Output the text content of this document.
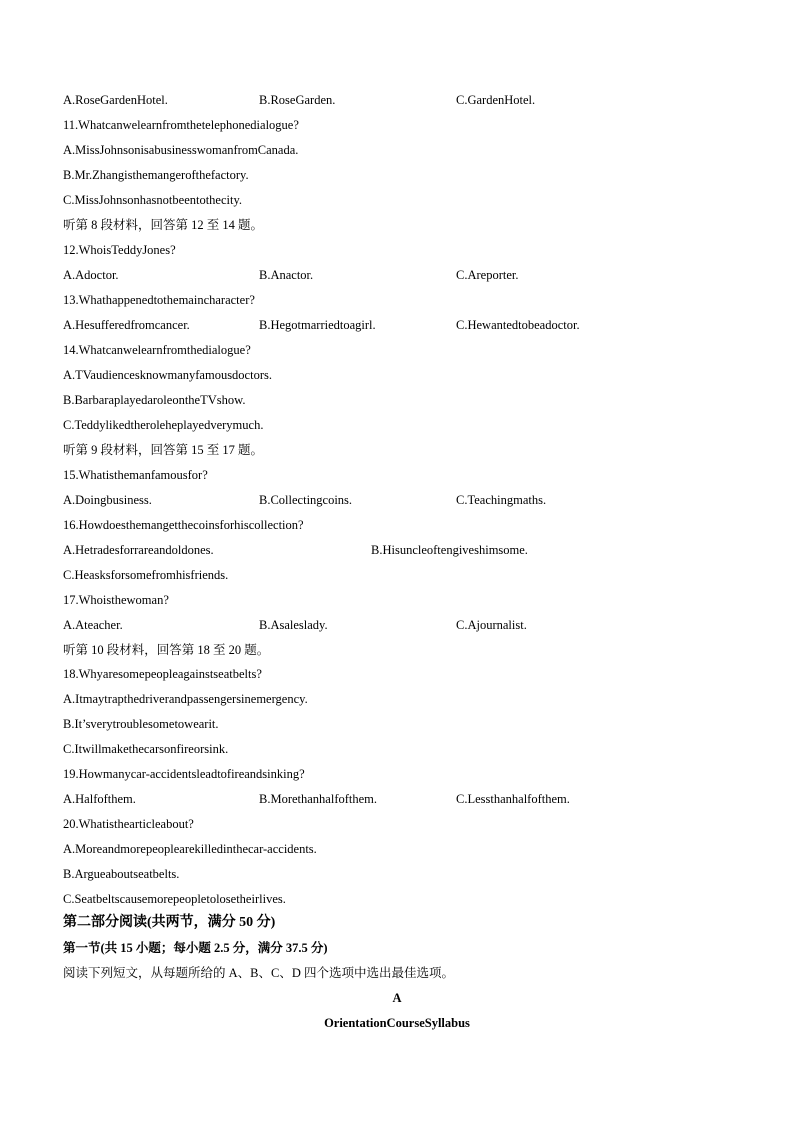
A.RoseGardenHotel.	B.RoseGarden.	C.GardenHotel.
11.Whatcanwelearnfromthetelephonedialogue?
A.MissJohnsonisabusinesswomanfromCanada.
B.Mr.Zhangisthemangerofthefactory.
C.MissJohnsonhasnotbeentothecity.
听第 8 段材料，回答第 12 至 14 题。
12.WhoisTeddyJones?
A.Adoctor.	B.Anactor.	C.Areporter.
13.Whathappenedtothemaincharacter?
A.Hesufferedfromcancer.	B.Hegotmarriedtoagirl.	C.Hewantedtobeadoctor.
14.Whatcanwelearnfromthedialogue?
A.TVaudiencesknowmanyfamousdoctors.
B.BarbaraplayedaroleontheTVshow.
C.Teddylikedtheroleheplayedverymuch.
听第 9 段材料，回答第 15 至 17 题。
15.Whatisthemanfamousfor?
A.Doingbusiness.	B.Collectingcoins.	C.Teachingmaths.
16.Howdoesthemangetthecoinsforhiscollection?
A.Hetradesforrareandoldones.	B.Hisuncleoftengiveshimsome.
C.Heasksforsomefromhisfriends.
17.Whoisthewoman?
A.Ateacher.	B.Asaleslady.	C.Ajournalist.
听第 10 段材料，回答第 18 至 20 题。
18.Whyaresomepeopleagainstseatbelts?
A.Itmaytrapthedriverandpassengersinemergency.
B.It’sverytroublesometowearit.
C.Itwillmakethecarsonfireorsink.
19.Howmanycar-accidentsleadtofireandsinking?
A.Halfofthem.	B.Morethanhalfofthem.	C.Lessthanhalfofthem.
20.Whatisthearticleabout?
A.Moreandmorepeoplearekilledinthecar-accidents.
B.Argueaboutseatbelts.
C.Seatbeltscausemorepeopletolosetheirlives.
第二部分阅读(共两节，满分 50 分)
第一节(共 15 小题；每小题 2.5 分，满分 37.5 分)
阅读下列短文，从每题所给的 A、B、C、D 四个选项中选出最佳选项。
A
OrientationCourseSyllabus
